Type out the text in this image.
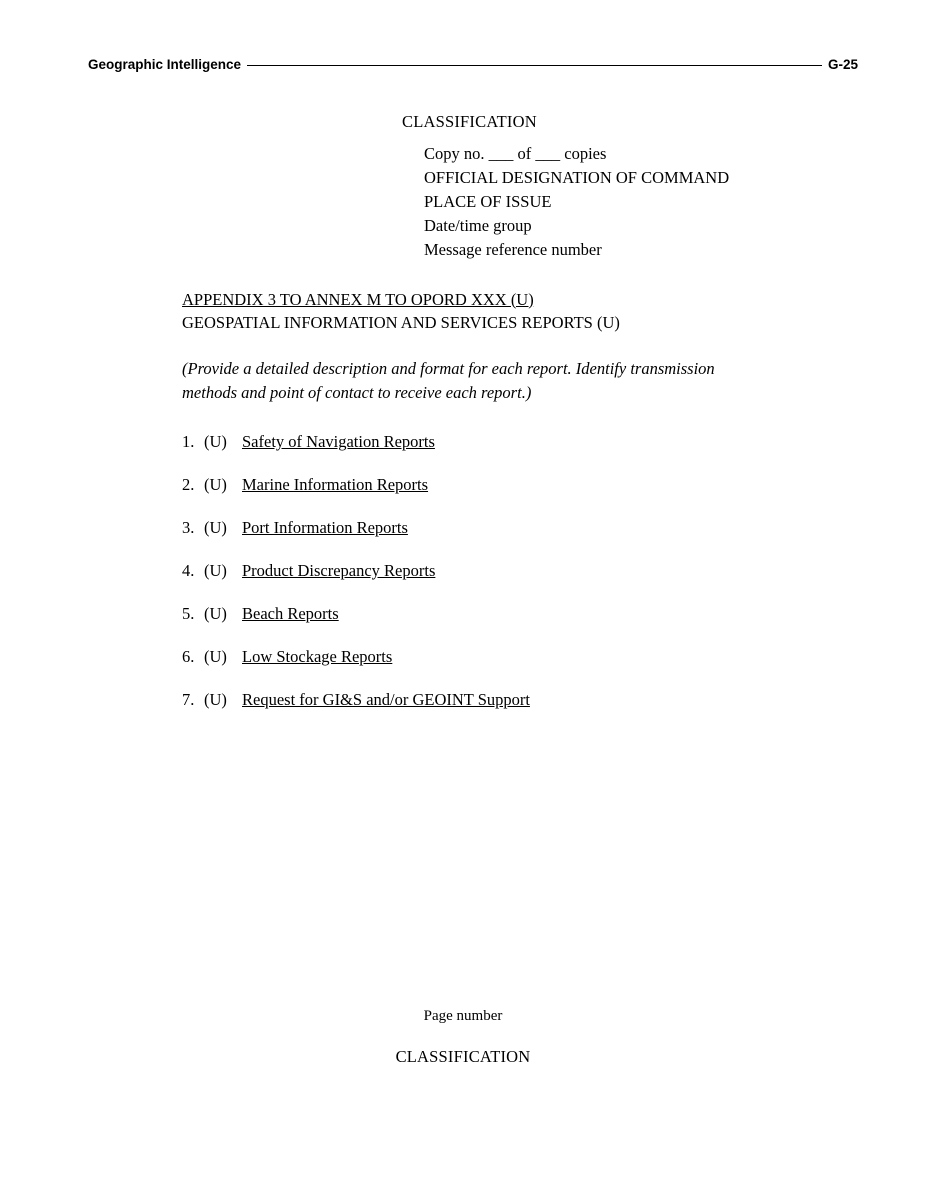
Geographic Intelligence	G-25
CLASSIFICATION
Copy no. ___ of ___ copies
OFFICIAL DESIGNATION OF COMMAND
PLACE OF ISSUE
Date/time group
Message reference number
APPENDIX 3 TO ANNEX M TO OPORD XXX (U)
GEOSPATIAL INFORMATION AND SERVICES REPORTS (U)
(Provide a detailed description and format for each report. Identify transmission methods and point of contact to receive each report.)
1. (U) Safety of Navigation Reports
2. (U) Marine Information Reports
3. (U) Port Information Reports
4. (U) Product Discrepancy Reports
5. (U) Beach Reports
6. (U) Low Stockage Reports
7. (U) Request for GI&S and/or GEOINT Support
Page number
CLASSIFICATION
